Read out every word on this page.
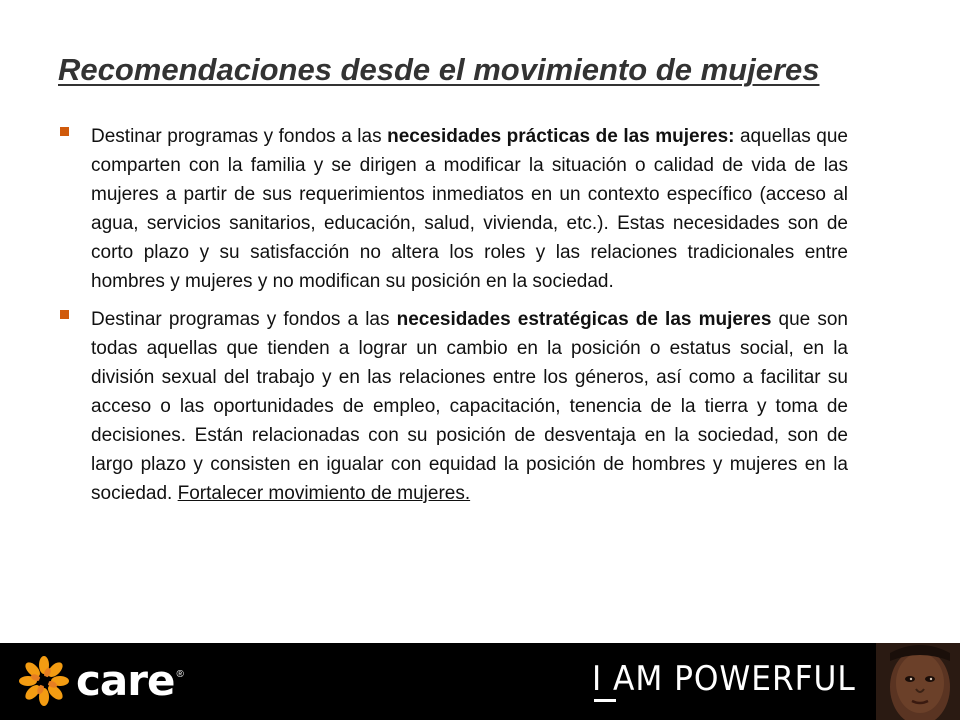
Recomendaciones desde el movimiento de mujeres
Destinar programas y fondos a las necesidades prácticas de las mujeres: aquellas que comparten con la familia y se dirigen a modificar la situación o calidad de vida de las mujeres a partir de sus requerimientos inmediatos en un contexto específico (acceso al agua, servicios sanitarios, educación, salud, vivienda, etc.). Estas necesidades son de corto plazo y su satisfacción no altera los roles y las relaciones tradicionales entre hombres y mujeres y no modifican su posición en la sociedad.
Destinar programas y fondos a las necesidades estratégicas de las mujeres que son todas aquellas que tienden a lograr un cambio en la posición o estatus social, en la división sexual del trabajo y en las relaciones entre los géneros, así como a facilitar su acceso o las oportunidades de empleo, capacitación, tenencia de la tierra y toma de decisiones. Están relacionadas con su posición de desventaja en la sociedad, son de largo plazo y consisten en igualar con equidad la posición de hombres y mujeres en la sociedad. Fortalecer movimiento de mujeres.
care ®	I AM POWERFUL
